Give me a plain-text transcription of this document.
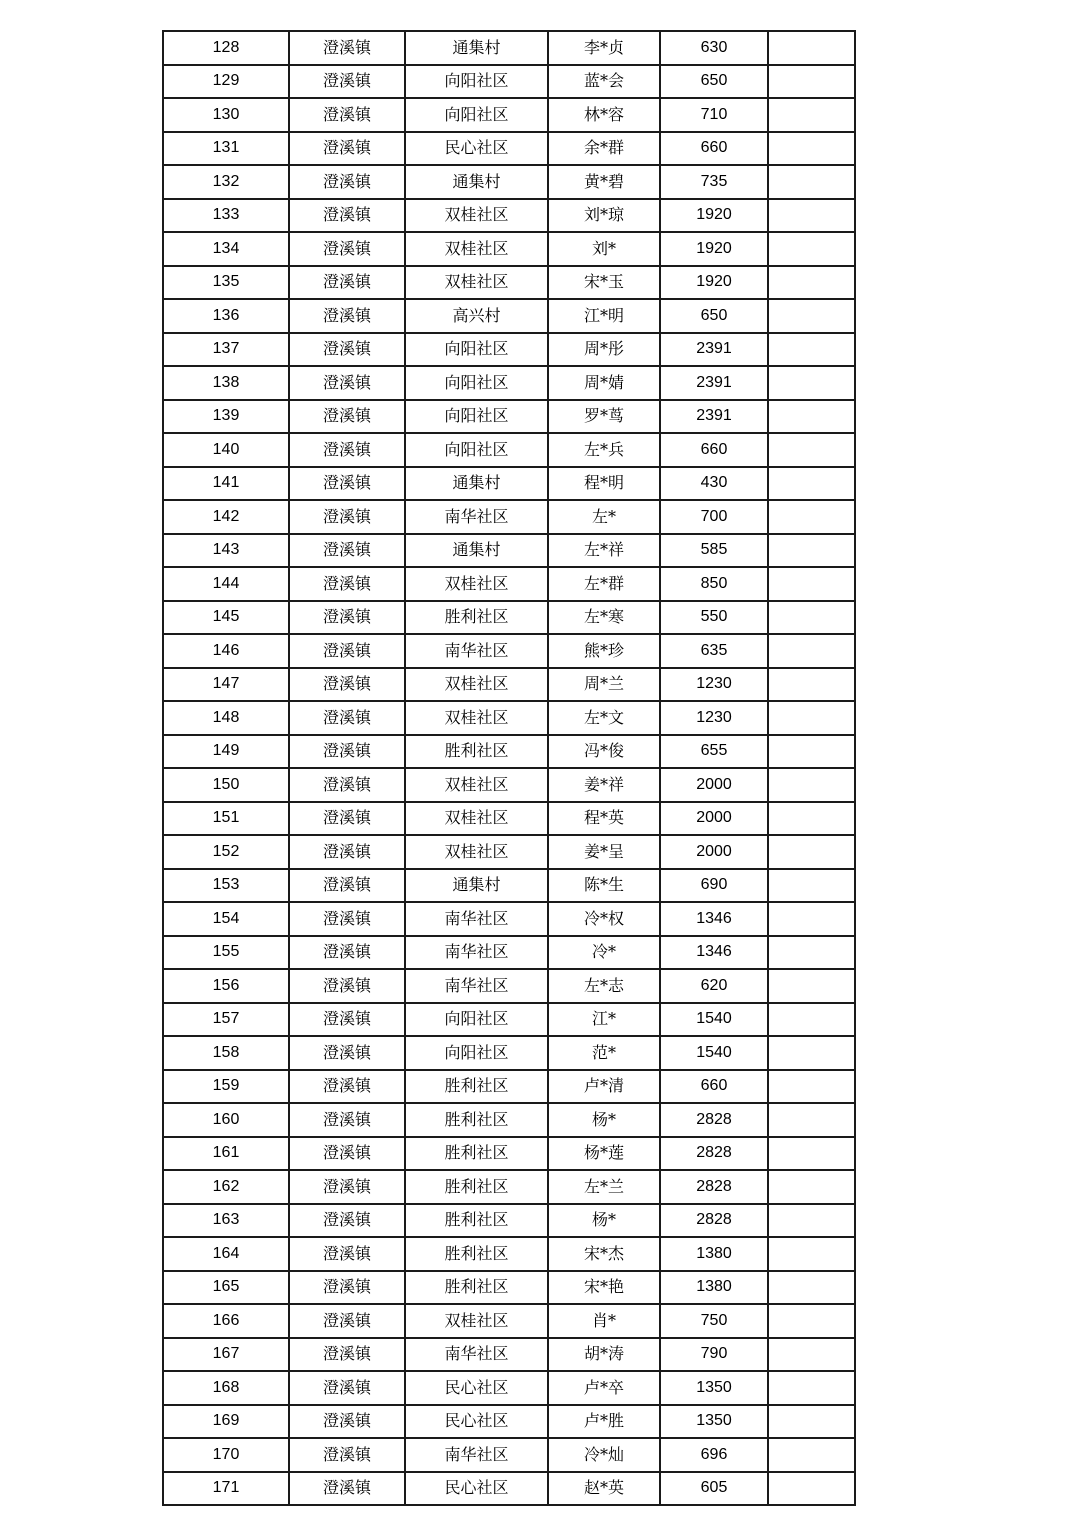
128	澄溪镇	通集村	李*贞	630	
129	澄溪镇	向阳社区	蓝*会	650	
130	澄溪镇	向阳社区	林*容	710	
131	澄溪镇	民心社区	余*群	660	
132	澄溪镇	通集村	黄*碧	735	
133	澄溪镇	双桂社区	刘*琼	1920	
134	澄溪镇	双桂社区	刘*	1920	
135	澄溪镇	双桂社区	宋*玉	1920	
136	澄溪镇	高兴村	江*明	650	
137	澄溪镇	向阳社区	周*彤	2391	
138	澄溪镇	向阳社区	周*婧	2391	
139	澄溪镇	向阳社区	罗*茑	2391	
140	澄溪镇	向阳社区	左*兵	660	
141	澄溪镇	通集村	程*明	430	
142	澄溪镇	南华社区	左*	700	
143	澄溪镇	通集村	左*祥	585	
144	澄溪镇	双桂社区	左*群	850	
145	澄溪镇	胜利社区	左*寒	550	
146	澄溪镇	南华社区	熊*珍	635	
147	澄溪镇	双桂社区	周*兰	1230	
148	澄溪镇	双桂社区	左*文	1230	
149	澄溪镇	胜利社区	冯*俊	655	
150	澄溪镇	双桂社区	姜*祥	2000	
151	澄溪镇	双桂社区	程*英	2000	
152	澄溪镇	双桂社区	姜*呈	2000	
153	澄溪镇	通集村	陈*生	690	
154	澄溪镇	南华社区	冷*权	1346	
155	澄溪镇	南华社区	冷*	1346	
156	澄溪镇	南华社区	左*志	620	
157	澄溪镇	向阳社区	江*	1540	
158	澄溪镇	向阳社区	范*	1540	
159	澄溪镇	胜利社区	卢*清	660	
160	澄溪镇	胜利社区	杨*	2828	
161	澄溪镇	胜利社区	杨*莲	2828	
162	澄溪镇	胜利社区	左*兰	2828	
163	澄溪镇	胜利社区	杨*	2828	
164	澄溪镇	胜利社区	宋*杰	1380	
165	澄溪镇	胜利社区	宋*艳	1380	
166	澄溪镇	双桂社区	肖*	750	
167	澄溪镇	南华社区	胡*涛	790	
168	澄溪镇	民心社区	卢*卒	1350	
169	澄溪镇	民心社区	卢*胜	1350	
170	澄溪镇	南华社区	冷*灿	696	
171	澄溪镇	民心社区	赵*英	605	
